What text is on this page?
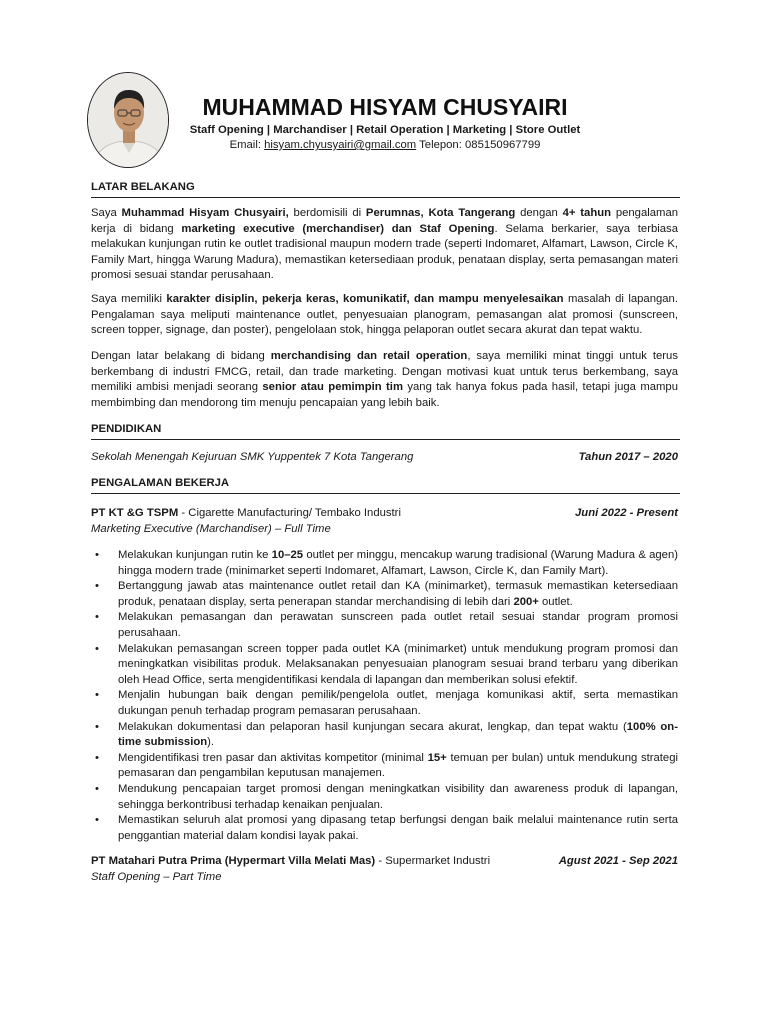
MUHAMMAD HISYAM CHUSYAIRI
Staff Opening | Marchandiser | Retail Operation | Marketing | Store Outlet
Email: hisyam.chyusyairi@gmail.com Telepon: 085150967799
LATAR BELAKANG
Saya Muhammad Hisyam Chusyairi, berdomisili di Perumnas, Kota Tangerang dengan 4+ tahun pengalaman kerja di bidang marketing executive (merchandiser) dan Staf Opening. Selama berkarier, saya terbiasa melakukan kunjungan rutin ke outlet tradisional maupun modern trade (seperti Indomaret, Alfamart, Lawson, Circle K, Family Mart, hingga Warung Madura), memastikan ketersediaan produk, penataan display, serta pemasangan materi promosi sesuai standar perusahaan.
Saya memiliki karakter disiplin, pekerja keras, komunikatif, dan mampu menyelesaikan masalah di lapangan. Pengalaman saya meliputi maintenance outlet, penyesuaian planogram, pemasangan alat promosi (sunscreen, screen topper, signage, dan poster), pengelolaan stok, hingga pelaporan outlet secara akurat dan tepat waktu.
Dengan latar belakang di bidang merchandising dan retail operation, saya memiliki minat tinggi untuk terus berkembang di industri FMCG, retail, dan trade marketing. Dengan motivasi kuat untuk terus berkembang, saya memiliki ambisi menjadi seorang senior atau pemimpin tim yang tak hanya fokus pada hasil, tetapi juga mampu membimbing dan mendorong tim menuju pencapaian yang lebih baik.
PENDIDIKAN
Sekolah Menengah Kejuruan SMK Yuppentek 7 Kota Tangerang	Tahun 2017 – 2020
PENGALAMAN BEKERJA
PT KT &G TSPM - Cigarette Manufacturing/ Tembako Industri	Juni 2022 - Present
Marketing Executive (Marchandiser) – Full Time
• Melakukan kunjungan rutin ke 10–25 outlet per minggu, mencakup warung tradisional (Warung Madura & agen) hingga modern trade (minimarket seperti Indomaret, Alfamart, Lawson, Circle K, dan Family Mart).
• Bertanggung jawab atas maintenance outlet retail dan KA (minimarket), termasuk memastikan ketersediaan produk, penataan display, serta penerapan standar merchandising di lebih dari 200+ outlet.
• Melakukan pemasangan dan perawatan sunscreen pada outlet retail sesuai standar program promosi perusahaan.
• Melakukan pemasangan screen topper pada outlet KA (minimarket) untuk mendukung program promosi dan meningkatkan visibilitas produk. Melaksanakan penyesuaian planogram sesuai brand terbaru yang diberikan oleh Head Office, serta mengidentifikasi kendala di lapangan dan memberikan solusi efektif.
• Menjalin hubungan baik dengan pemilik/pengelola outlet, menjaga komunikasi aktif, serta memastikan dukungan penuh terhadap program pemasaran perusahaan.
• Melakukan dokumentasi dan pelaporan hasil kunjungan secara akurat, lengkap, dan tepat waktu (100% on-time submission).
• Mengidentifikasi tren pasar dan aktivitas kompetitor (minimal 15+ temuan per bulan) untuk mendukung strategi pemasaran dan pengambilan keputusan manajemen.
• Mendukung pencapaian target promosi dengan meningkatkan visibility dan awareness produk di lapangan, sehingga berkontribusi terhadap kenaikan penjualan.
• Memastikan seluruh alat promosi yang dipasang tetap berfungsi dengan baik melalui maintenance rutin serta penggantian material dalam kondisi layak pakai.
PT Matahari Putra Prima (Hypermart Villa Melati Mas) - Supermarket Industri	Agust 2021 - Sep 2021
Staff Opening – Part Time
